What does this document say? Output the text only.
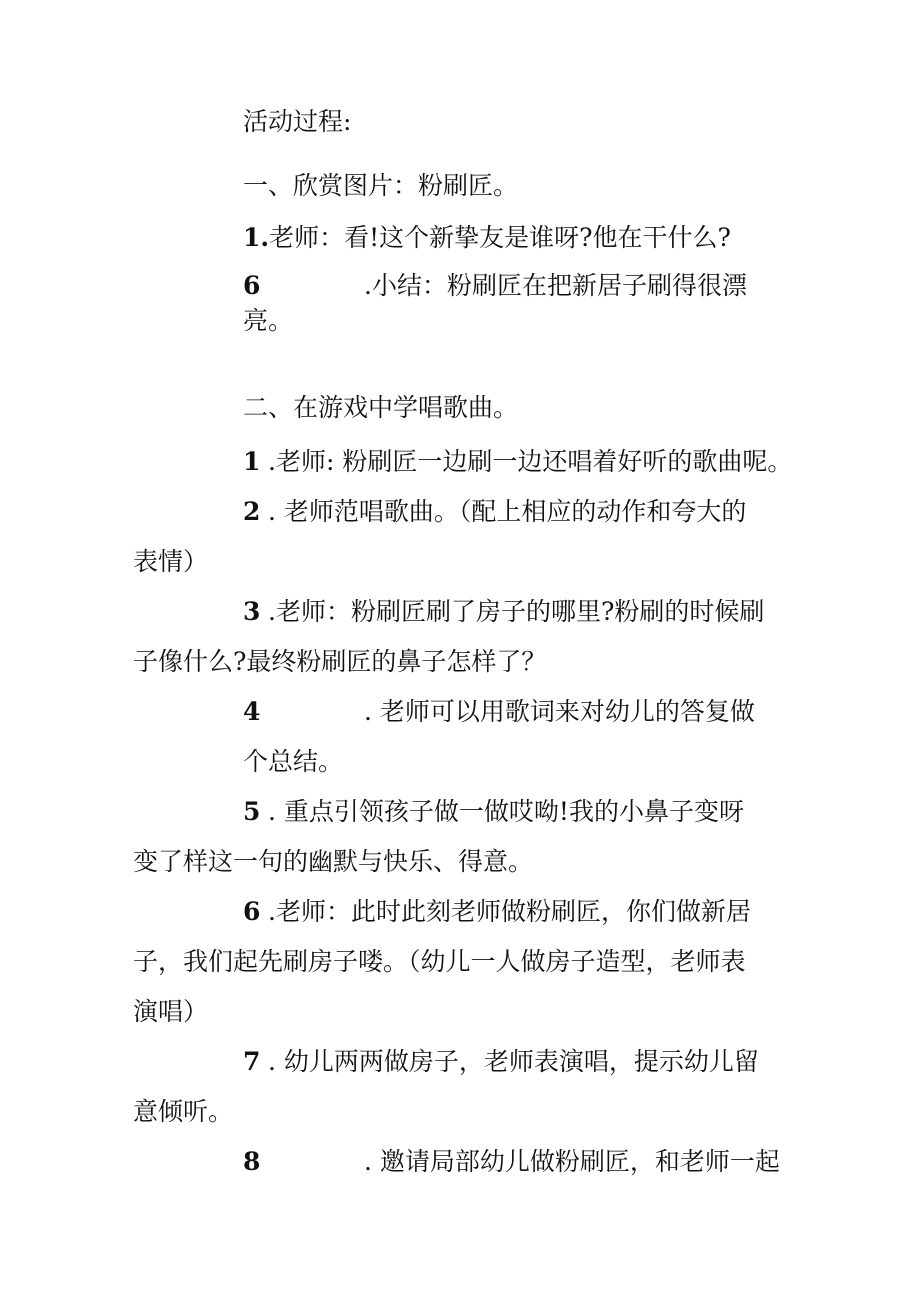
活动过程:
一、欣赏图片：粉刷匠。
1.老师：看!这个新挚友是谁呀?他在干什么?
6	.小结：粉刷匠在把新居子刷得很漂
亮。
二、在游戏中学唱歌曲。
1 .老师: 粉刷匠一边刷一边还唱着好听的歌曲呢。
2 . 老师范唱歌曲。（配上相应的动作和夸大的
表情）
3 .老师：粉刷匠刷了房子的哪里?粉刷的时候刷
子像什么?最终粉刷匠的鼻子怎样了？
4	. 老师可以用歌词来对幼儿的答复做
个总结。
5 . 重点引领孩子做一做哎呦!我的小鼻子变呀
变了样这一句的幽默与快乐、得意。
6 .老师：此时此刻老师做粉刷匠，你们做新居
子，我们起先刷房子喽。（幼儿一人做房子造型，老师表
演唱）
7 . 幼儿两两做房子，老师表演唱，提示幼儿留
意倾听。
8	. 邀请局部幼儿做粉刷匠，和老师一起
